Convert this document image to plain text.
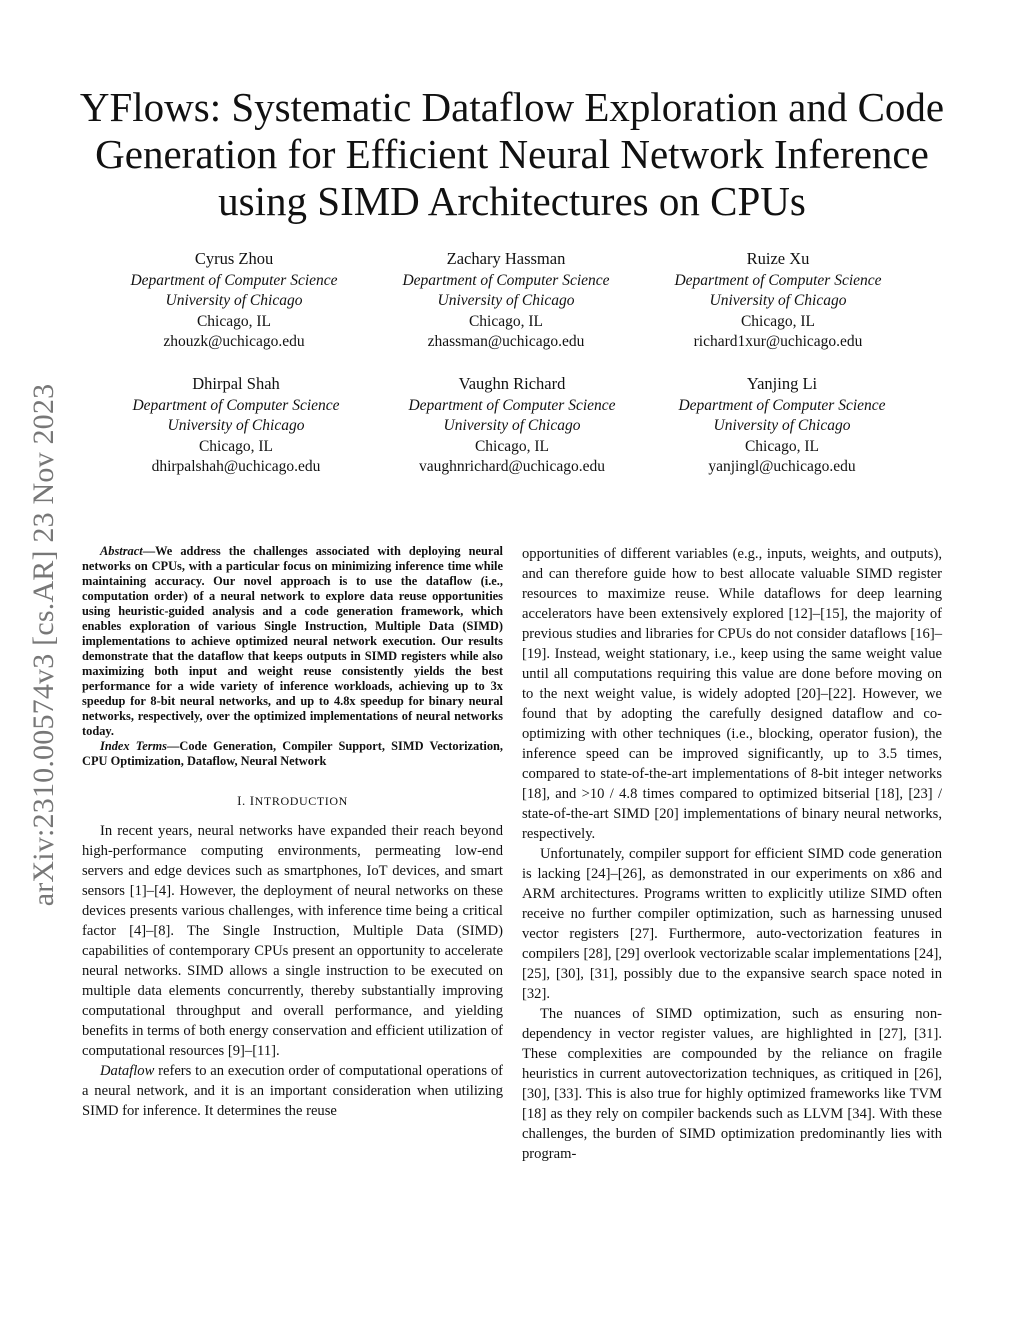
arXiv:2310.00574v3 [cs.AR] 23 Nov 2023
YFlows: Systematic Dataflow Exploration and Code Generation for Efficient Neural Network Inference using SIMD Architectures on CPUs
Cyrus Zhou
Department of Computer Science
University of Chicago
Chicago, IL
zhouzk@uchicago.edu
Zachary Hassman
Department of Computer Science
University of Chicago
Chicago, IL
zhassman@uchicago.edu
Ruize Xu
Department of Computer Science
University of Chicago
Chicago, IL
richard1xur@uchicago.edu
Dhirpal Shah
Department of Computer Science
University of Chicago
Chicago, IL
dhirpalshah@uchicago.edu
Vaughn Richard
Department of Computer Science
University of Chicago
Chicago, IL
vaughnrichard@uchicago.edu
Yanjing Li
Department of Computer Science
University of Chicago
Chicago, IL
yanjingl@uchicago.edu

Abstract—We address the challenges associated with deploying neural networks on CPUs, with a particular focus on minimizing inference time while maintaining accuracy. Our novel approach is to use the dataflow (i.e., computation order) of a neural network to explore data reuse opportunities using heuristic-guided analysis and a code generation framework, which enables exploration of various Single Instruction, Multiple Data (SIMD) implementations to achieve optimized neural network execution. Our results demonstrate that the dataflow that keeps outputs in SIMD registers while also maximizing both input and weight reuse consistently yields the best performance for a wide variety of inference workloads, achieving up to 3x speedup for 8-bit neural networks, and up to 4.8x speedup for binary neural networks, respectively, over the optimized implementations of neural networks today.

Index Terms—Code Generation, Compiler Support, SIMD Vectorization, CPU Optimization, Dataflow, Neural Network

I. INTRODUCTION

In recent years, neural networks have expanded their reach beyond high-performance computing environments, permeating low-end servers and edge devices such as smartphones, IoT devices, and smart sensors [1]–[4]. However, the deployment of neural networks on these devices presents various challenges, with inference time being a critical factor [4]–[8]. The Single Instruction, Multiple Data (SIMD) capabilities of contemporary CPUs present an opportunity to accelerate neural networks. SIMD allows a single instruction to be executed on multiple data elements concurrently, thereby substantially improving computational throughput and overall performance, and yielding benefits in terms of both energy conservation and efficient utilization of computational resources [9]–[11].

Dataflow refers to an execution order of computational operations of a neural network, and it is an important consideration when utilizing SIMD for inference. It determines the reuse

opportunities of different variables (e.g., inputs, weights, and outputs), and can therefore guide how to best allocate valuable SIMD register resources to maximize reuse. While dataflows for deep learning accelerators have been extensively explored [12]–[15], the majority of previous studies and libraries for CPUs do not consider dataflows [16]–[19]. Instead, weight stationary, i.e., keep using the same weight value until all computations requiring this value are done before moving on to the next weight value, is widely adopted [20]–[22]. However, we found that by adopting the carefully designed dataflow and co-optimizing with other techniques (i.e., blocking, operator fusion), the inference speed can be improved significantly, up to 3.5 times, compared to state-of-the-art implementations of 8-bit integer networks [18], and >10 / 4.8 times compared to optimized bitserial [18], [23] / state-of-the-art SIMD [20] implementations of binary neural networks, respectively.

Unfortunately, compiler support for efficient SIMD code generation is lacking [24]–[26], as demonstrated in our experiments on x86 and ARM architectures. Programs written to explicitly utilize SIMD often receive no further compiler optimization, such as harnessing unused vector registers [27]. Furthermore, auto-vectorization features in compilers [28], [29] overlook vectorizable scalar implementations [24], [25], [30], [31], possibly due to the expansive search space noted in [32].

The nuances of SIMD optimization, such as ensuring non-dependency in vector register values, are highlighted in [27], [31]. These complexities are compounded by the reliance on fragile heuristics in current autovectorization techniques, as critiqued in [26], [30], [33]. This is also true for highly optimized frameworks like TVM [18] as they rely on compiler backends such as LLVM [34]. With these challenges, the burden of SIMD optimization predominantly lies with program-
